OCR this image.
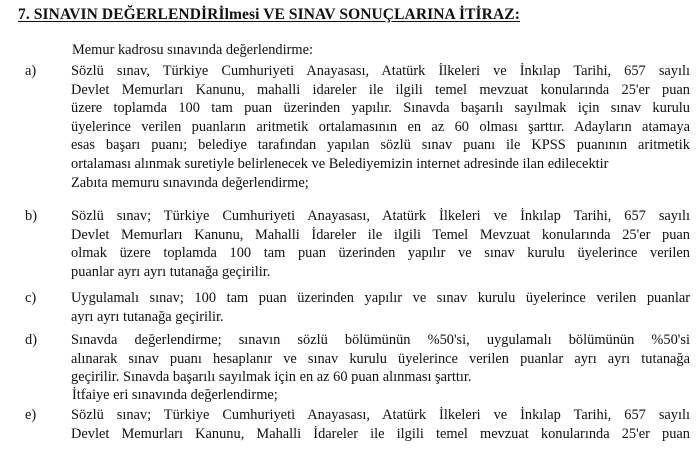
7. SINAVIN DEĞERLENDİRİlmesi VE SINAV SONUÇLARINA İTİRAZ:
Memur kadrosu sınavında değerlendirme:
a) Sözlü sınav, Türkiye Cumhuriyeti Anayasası, Atatürk İlkeleri ve İnkılap Tarihi, 657 sayılı
Devlet Memurları Kanunu, mahalli idareler ile ilgili temel mevzuat konularında 25'er puan
üzere toplamda 100 tam puan üzerinden yapılır. Sınavda başarılı sayılmak için sınav kurulu
üyelerince verilen puanların aritmetik ortalamasının en az 60 olması şarttır. Adayların atamaya
esas başarı puanı; belediye tarafından yapılan sözlü sınav puanı ile KPSS puanının aritmetik
ortalaması alınmak suretiyle belirlenecek ve Belediyemizin internet adresinde ilan edilecektir
Zabıta memuru sınavında değerlendirme;
b) Sözlü sınav; Türkiye Cumhuriyeti Anayasası, Atatürk İlkeleri ve İnkılap Tarihi, 657 sayılı
Devlet Memurları Kanunu, Mahalli İdareler ile ilgili Temel Mevzuat konularında 25'er puan
olmak üzere toplamda 100 tam puan üzerinden yapılır ve sınav kurulu üyelerince verilen
puanlar ayrı ayrı tutanağa geçirilir.
c) Uygulamalı sınav; 100 tam puan üzerinden yapılır ve sınav kurulu üyelerince verilen puanlar
ayrı ayrı tutanağa geçirilir.
d) Sınavda değerlendirme; sınavın sözlü bölümünün %50'si, uygulamalı bölümünün %50'si
alınarak sınav puanı hesaplanır ve sınav kurulu üyelerince verilen puanlar ayrı ayrı tutanağa
geçirilir. Sınavda başarılı sayılmak için en az 60 puan alınması şarttır.
İtfaiye eri sınavında değerlendirme;
e) Sözlü sınav; Türkiye Cumhuriyeti Anayasası, Atatürk İlkeleri ve İnkılap Tarihi, 657 sayılı
Devlet Memurları Kanunu, Mahalli İdareler ile ilgili temel mevzuat konularında 25'er puan
